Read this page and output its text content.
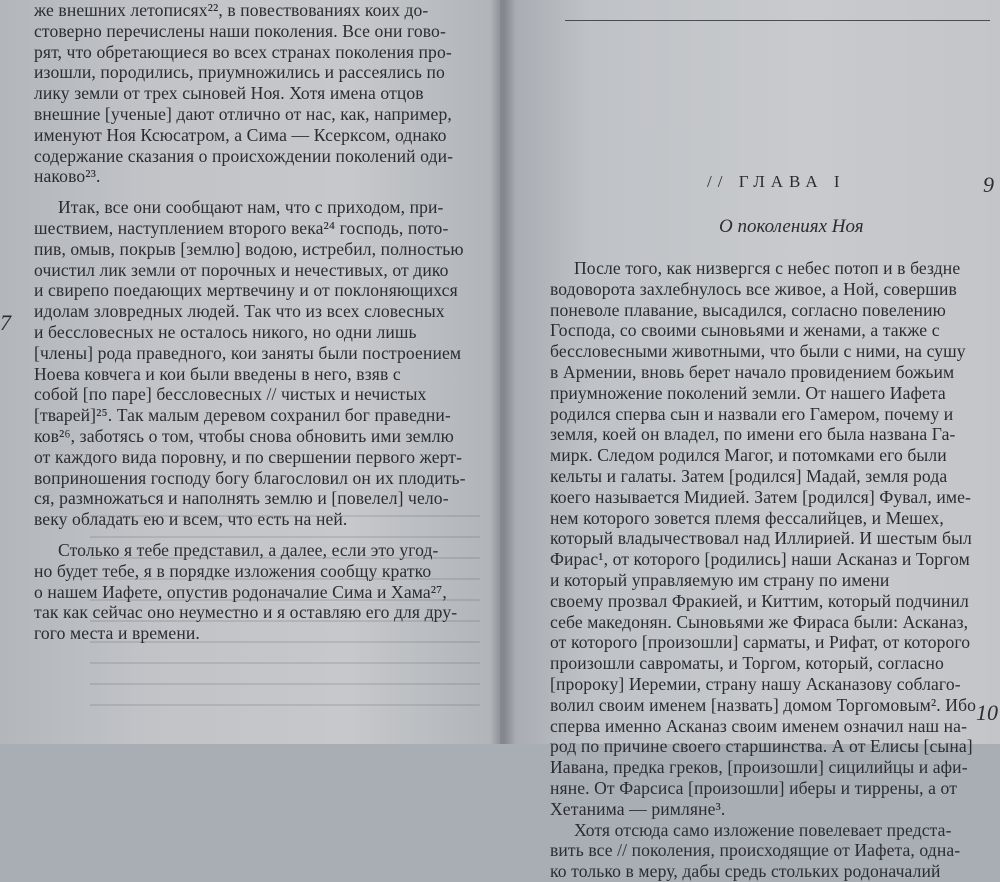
же внешних летописях²², в повествованиях коих до-
стоверно перечислены наши поколения. Все они гово-
рят, что обретающиеся во всех странах поколения про-
изошли, породились, приумножились и рассеялись по
лику земли от трех сыновей Ноя. Хотя имена отцов
внешние [ученые] дают отлично от нас, как, например,
именуют Ноя Ксюсатром, а Сима — Ксерксом, однако
содержание сказания о происхождении поколений оди-
наково²³.
Итак, все они сообщают нам, что с приходом, при-
шествием, наступлением второго века²⁴ господь, пото-
пив, омыв, покрыв [землю] водою, истребил, полностью
очистил лик земли от порочных и нечестивых, от дико
и свирепо поедающих мертвечину и от поклоняющихся
идолам зловредных людей. Так что из всех словесных
и бессловесных не осталось никого, но одни лишь
[члены] рода праведного, кои заняты были построением
Ноева ковчега и кои были введены в него, взяв с
собой [по паре] бессловесных // чистых и нечистых
[тварей]²⁵. Так малым деревом сохранил бог праведни-
ков²⁶, заботясь о том, чтобы снова обновить ими землю
от каждого вида поровну, и по свершении первого жерт-
воприношения господу богу благословил он их плодить-
ся, размножаться и наполнять землю и [повелел] чело-
веку обладать ею и всем, что есть на ней.
Столько я тебе представил, а далее, если это угод-
но будет тебе, я в порядке изложения сообщу кратко
о нашем Иафете, опустив родоначалие Сима и Хама²⁷,
так как сейчас оно неуместно и я оставляю его для дру-
гого места и времени.
7
// ГЛАВА I
О поколениях Ноя
После того, как низвергся с небес потоп и в бездне
водоворота захлебнулось все живое, а Ной, совершив
поневоле плавание, высадился, согласно повелению
Господа, со своими сыновьями и женами, а также с
бессловесными животными, что были с ними, на сушу
в Армении, вновь берет начало провидением божьим
приумножение поколений земли. От нашего Иафета
родился сперва сын и назвали его Гамером, почему и
земля, коей он владел, по имени его была названа Га-
мирк. Следом родился Магог, и потомками его были
кельты и галаты. Затем [родился] Мадай, земля рода
коего называется Мидией. Затем [родился] Фувал, име-
нем которого зовется племя фессалийцев, и Мешех,
который владычествовал над Иллирией. И шестым был
Фирас¹, от которого [родились] наши Асканаз и Торгом
и который управляемую им страну по имени
своему прозвал Фракией, и Киттим, который подчинил
себе македонян. Сыновьями же Фираса были: Асканаз,
от которого [произошли] сарматы, и Рифат, от которого
произошли савроматы, и Торгом, который, согласно
[пророку] Иеремии, страну нашу Асканазову соблаго-
волил своим именем [назвать] домом Торгомовым². Ибо
сперва именно Асканаз своим именем означил наш на-
род по причине своего старшинства. А от Елисы [сына]
Иавана, предка греков, [произошли] сицилийцы и афи-
няне. От Фарсиса [произошли] иберы и тиррены, а от
Хетанима — римляне³.
Хотя отсюда само изложение повелевает предста-
вить все // поколения, происходящие от Иафета, одна-
ко только в меру, дабы средь стольких родоначалий
9
10
